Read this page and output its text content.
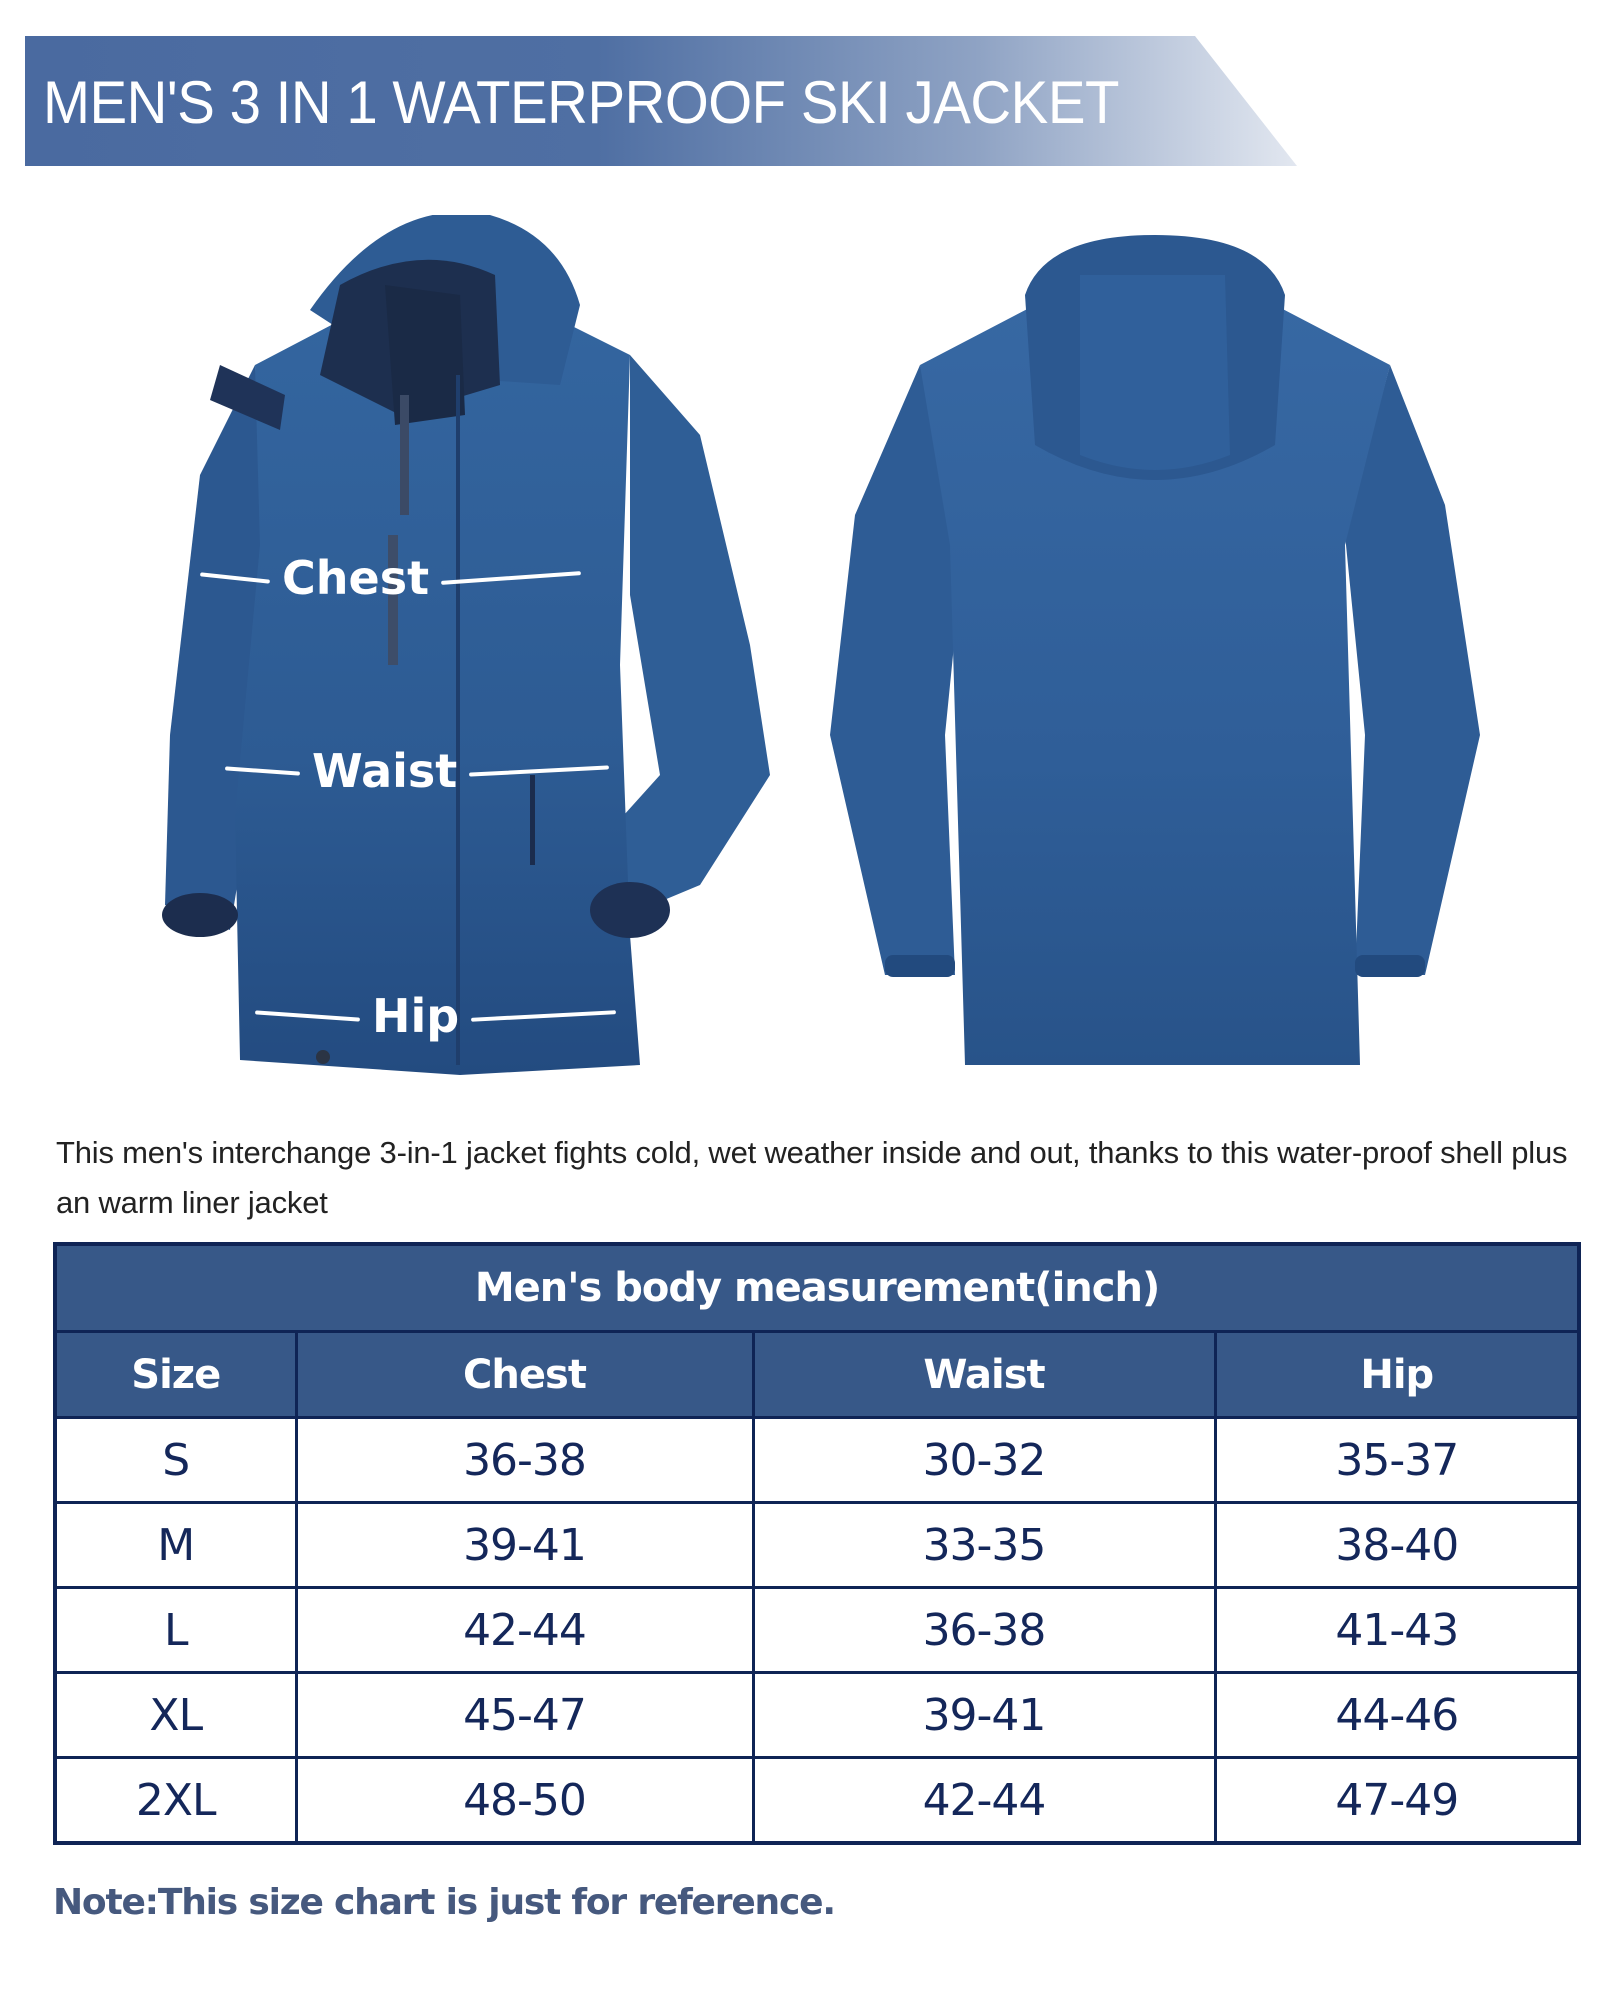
MEN'S 3 IN 1 WATERPROOF SKI JACKET
Chest
Waist
Hip
This men's interchange 3-in-1 jacket fights cold, wet weather inside and out, thanks to this water-proof shell plus an warm liner jacket
Men's body measurement(inch)			
Size	Chest	Waist	Hip
S	36-38	30-32	35-37
M	39-41	33-35	38-40
L	42-44	36-38	41-43
XL	45-47	39-41	44-46
2XL	48-50	42-44	47-49
Note:This size chart is just for reference.
